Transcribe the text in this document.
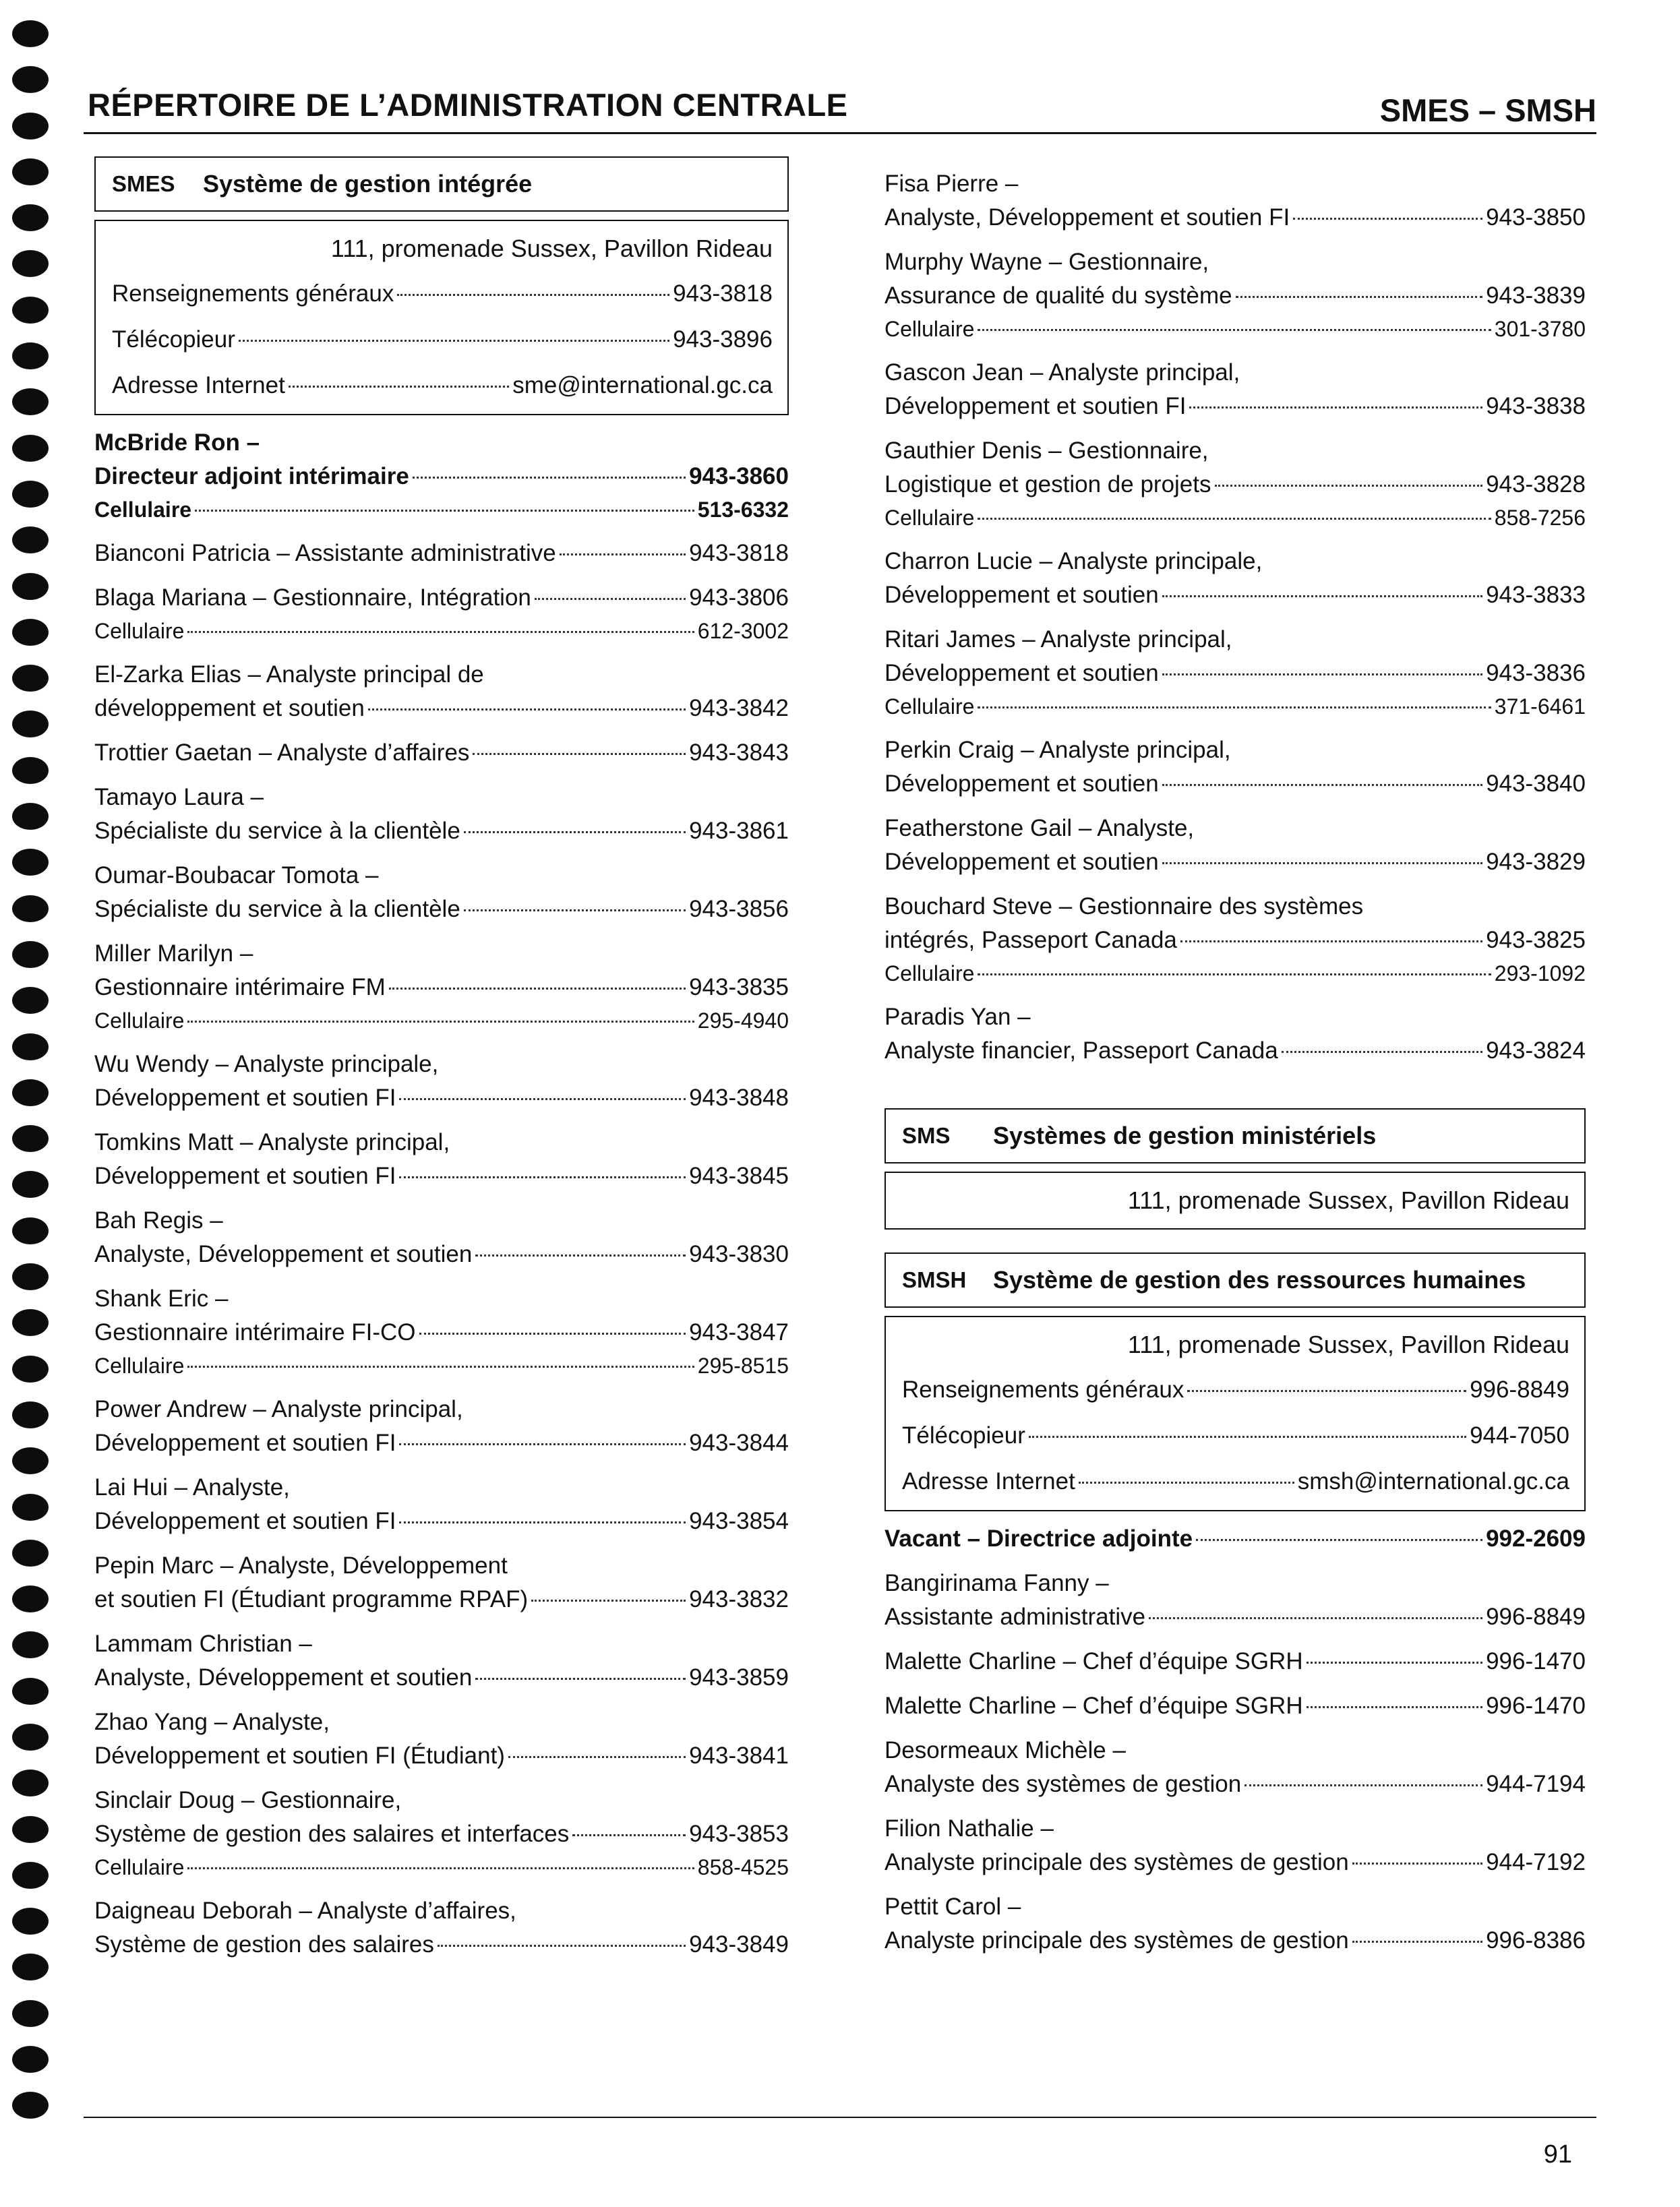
RÉPERTOIRE DE L’ADMINISTRATION CENTRALE	SMES – SMSH
SMES	Système de gestion intégrée
111, promenade Sussex, Pavillon Rideau
Renseignements généraux	943-3818
Télécopieur	943-3896
Adresse Internet	sme@international.gc.ca
McBride Ron –
Directeur adjoint intérimaire	943-3860
Cellulaire	513-6332
Bianconi Patricia – Assistante administrative	943-3818
Blaga Mariana – Gestionnaire, Intégration	943-3806
Cellulaire	612-3002
El-Zarka Elias – Analyste principal de
développement et soutien	943-3842
Trottier Gaetan – Analyste d’affaires	943-3843
Tamayo Laura –
Spécialiste du service à la clientèle	943-3861
Oumar-Boubacar Tomota –
Spécialiste du service à la clientèle	943-3856
Miller Marilyn –
Gestionnaire intérimaire FM	943-3835
Cellulaire	295-4940
Wu Wendy – Analyste principale,
Développement et soutien FI	943-3848
Tomkins Matt – Analyste principal,
Développement et soutien FI	943-3845
Bah Regis –
Analyste, Développement et soutien	943-3830
Shank Eric –
Gestionnaire intérimaire FI-CO	943-3847
Cellulaire	295-8515
Power Andrew – Analyste principal,
Développement et soutien FI	943-3844
Lai Hui – Analyste,
Développement et soutien FI	943-3854
Pepin Marc – Analyste, Développement
et soutien FI (Étudiant programme RPAF)	943-3832
Lammam Christian –
Analyste, Développement et soutien	943-3859
Zhao Yang – Analyste,
Développement et soutien FI (Étudiant)	943-3841
Sinclair Doug – Gestionnaire,
Système de gestion des salaires et interfaces	943-3853
Cellulaire	858-4525
Daigneau Deborah – Analyste d’affaires,
Système de gestion des salaires	943-3849
Fisa Pierre –
Analyste, Développement et soutien FI	943-3850
Murphy Wayne – Gestionnaire,
Assurance de qualité du système	943-3839
Cellulaire	301-3780
Gascon Jean – Analyste principal,
Développement et soutien FI	943-3838
Gauthier Denis – Gestionnaire,
Logistique et gestion de projets	943-3828
Cellulaire	858-7256
Charron Lucie – Analyste principale,
Développement et soutien	943-3833
Ritari James – Analyste principal,
Développement et soutien	943-3836
Cellulaire	371-6461
Perkin Craig – Analyste principal,
Développement et soutien	943-3840
Featherstone Gail – Analyste,
Développement et soutien	943-3829
Bouchard Steve – Gestionnaire des systèmes
intégrés, Passeport Canada	943-3825
Cellulaire	293-1092
Paradis Yan –
Analyste financier, Passeport Canada	943-3824
SMS	Systèmes de gestion ministériels
111, promenade Sussex, Pavillon Rideau
SMSH	Système de gestion des ressources humaines
111, promenade Sussex, Pavillon Rideau
Renseignements généraux	996-8849
Télécopieur	944-7050
Adresse Internet	smsh@international.gc.ca
Vacant – Directrice adjointe	992-2609
Bangirinama Fanny –
Assistante administrative	996-8849
Malette Charline – Chef d’équipe SGRH	996-1470
Malette Charline – Chef d’équipe SGRH	996-1470
Desormeaux Michèle –
Analyste des systèmes de gestion	944-7194
Filion Nathalie –
Analyste principale des systèmes de gestion	944-7192
Pettit Carol –
Analyste principale des systèmes de gestion	996-8386
91
